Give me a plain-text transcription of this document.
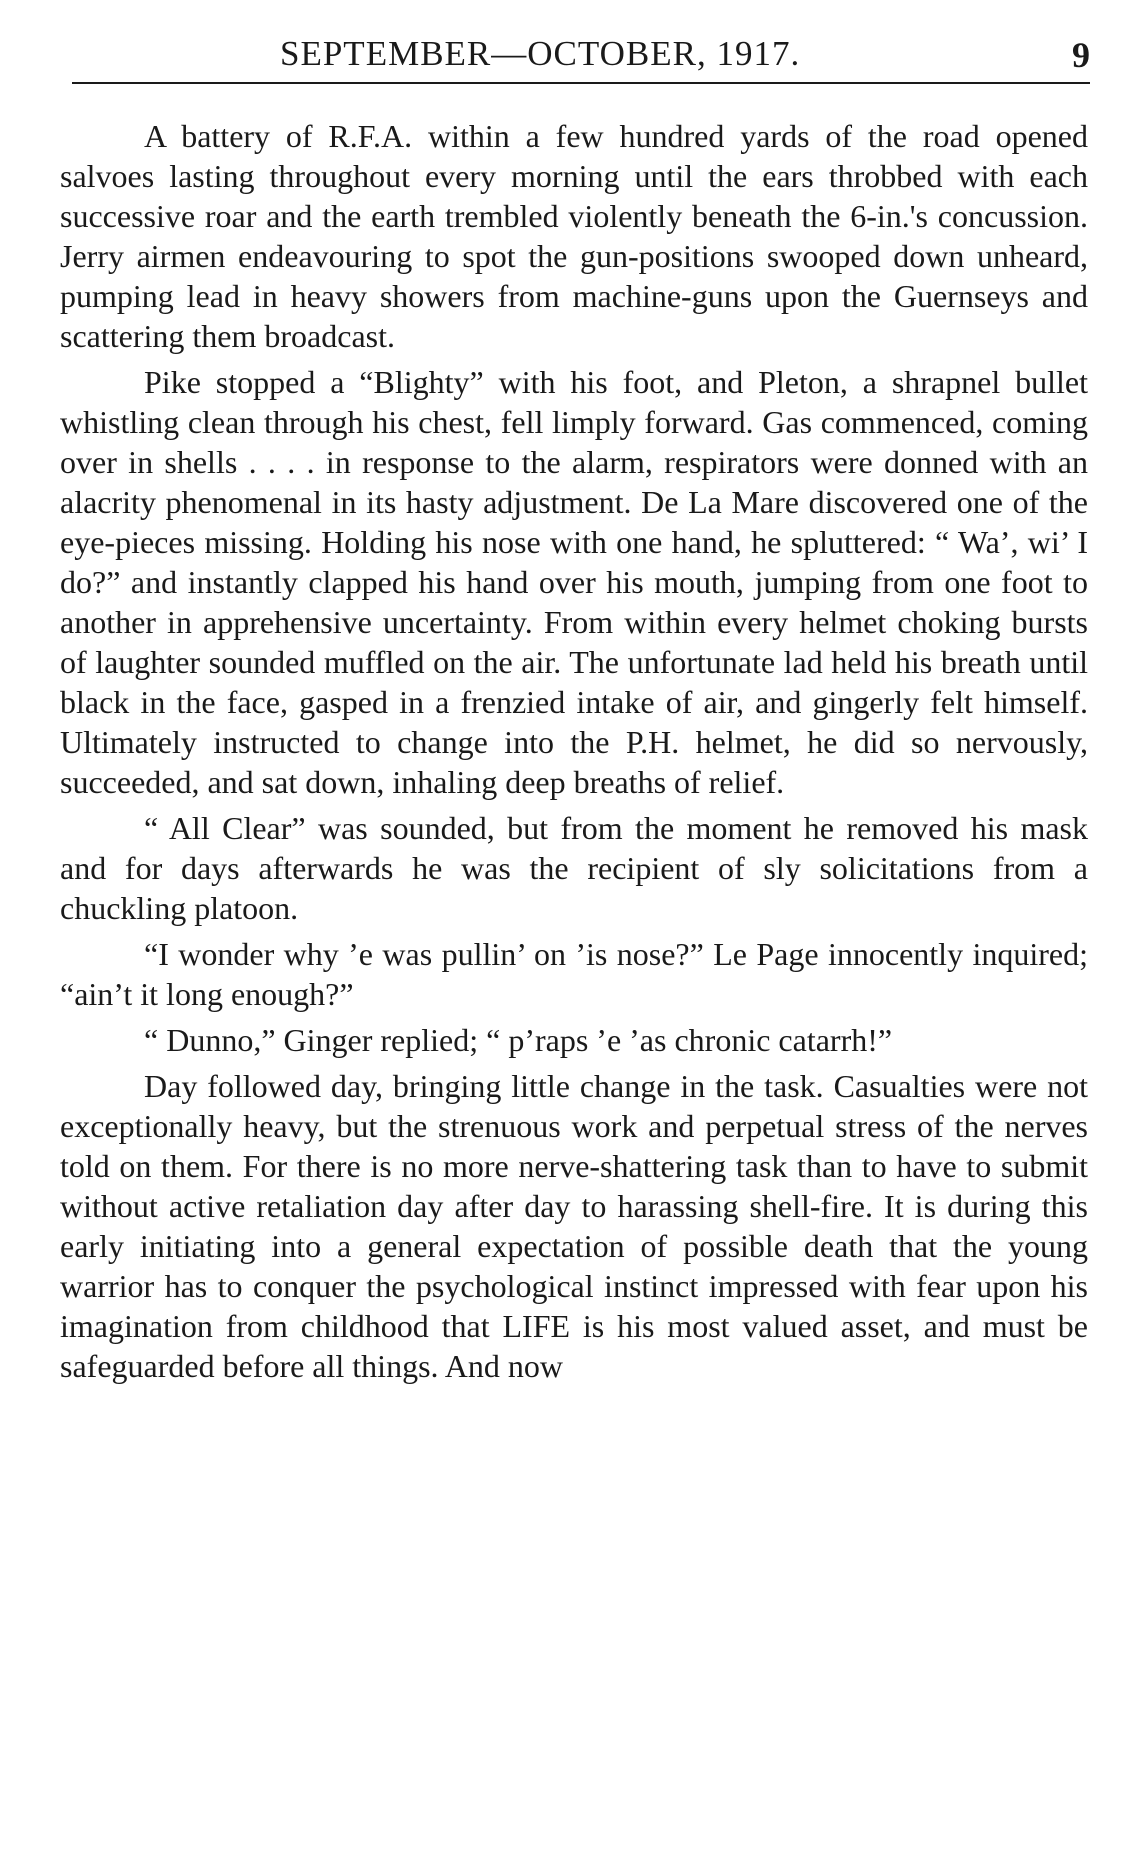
SEPTEMBER—OCTOBER, 1917.	9

A battery of R.F.A. within a few hundred yards of the road opened salvoes lasting throughout every morning until the ears throbbed with each successive roar and the earth trembled violently beneath the 6-in.'s concussion. Jerry airmen endeavouring to spot the gun-positions swooped down unheard, pumping lead in heavy showers from machine-guns upon the Guernseys and scattering them broadcast.

Pike stopped a “Blighty” with his foot, and Pleton, a shrapnel bullet whistling clean through his chest, fell limply forward. Gas commenced, coming over in shells . . . . in response to the alarm, respirators were donned with an alacrity phenomenal in its hasty adjustment. De La Mare discovered one of the eye-pieces missing. Holding his nose with one hand, he spluttered: “ Wa’, wi’ I do?” and instantly clapped his hand over his mouth, jumping from one foot to another in apprehensive uncertainty. From within every helmet choking bursts of laughter sounded muffled on the air. The unfortunate lad held his breath until black in the face, gasped in a frenzied intake of air, and gingerly felt himself. Ultimately instructed to change into the P.H. helmet, he did so nervously, succeeded, and sat down, inhaling deep breaths of relief.

“ All Clear” was sounded, but from the moment he removed his mask and for days afterwards he was the recipient of sly solicitations from a chuckling platoon.

“I wonder why ’e was pullin’ on ’is nose?” Le Page innocently inquired; “ain’t it long enough?”

“ Dunno,” Ginger replied; “ p’raps ’e ’as chronic catarrh!”

Day followed day, bringing little change in the task. Casualties were not exceptionally heavy, but the strenuous work and perpetual stress of the nerves told on them. For there is no more nerve-shattering task than to have to submit without active retaliation day after day to harassing shell-fire. It is during this early initiating into a general expectation of possible death that the young warrior has to conquer the psychological instinct impressed with fear upon his imagination from childhood that LIFE is his most valued asset, and must be safeguarded before all things. And now
